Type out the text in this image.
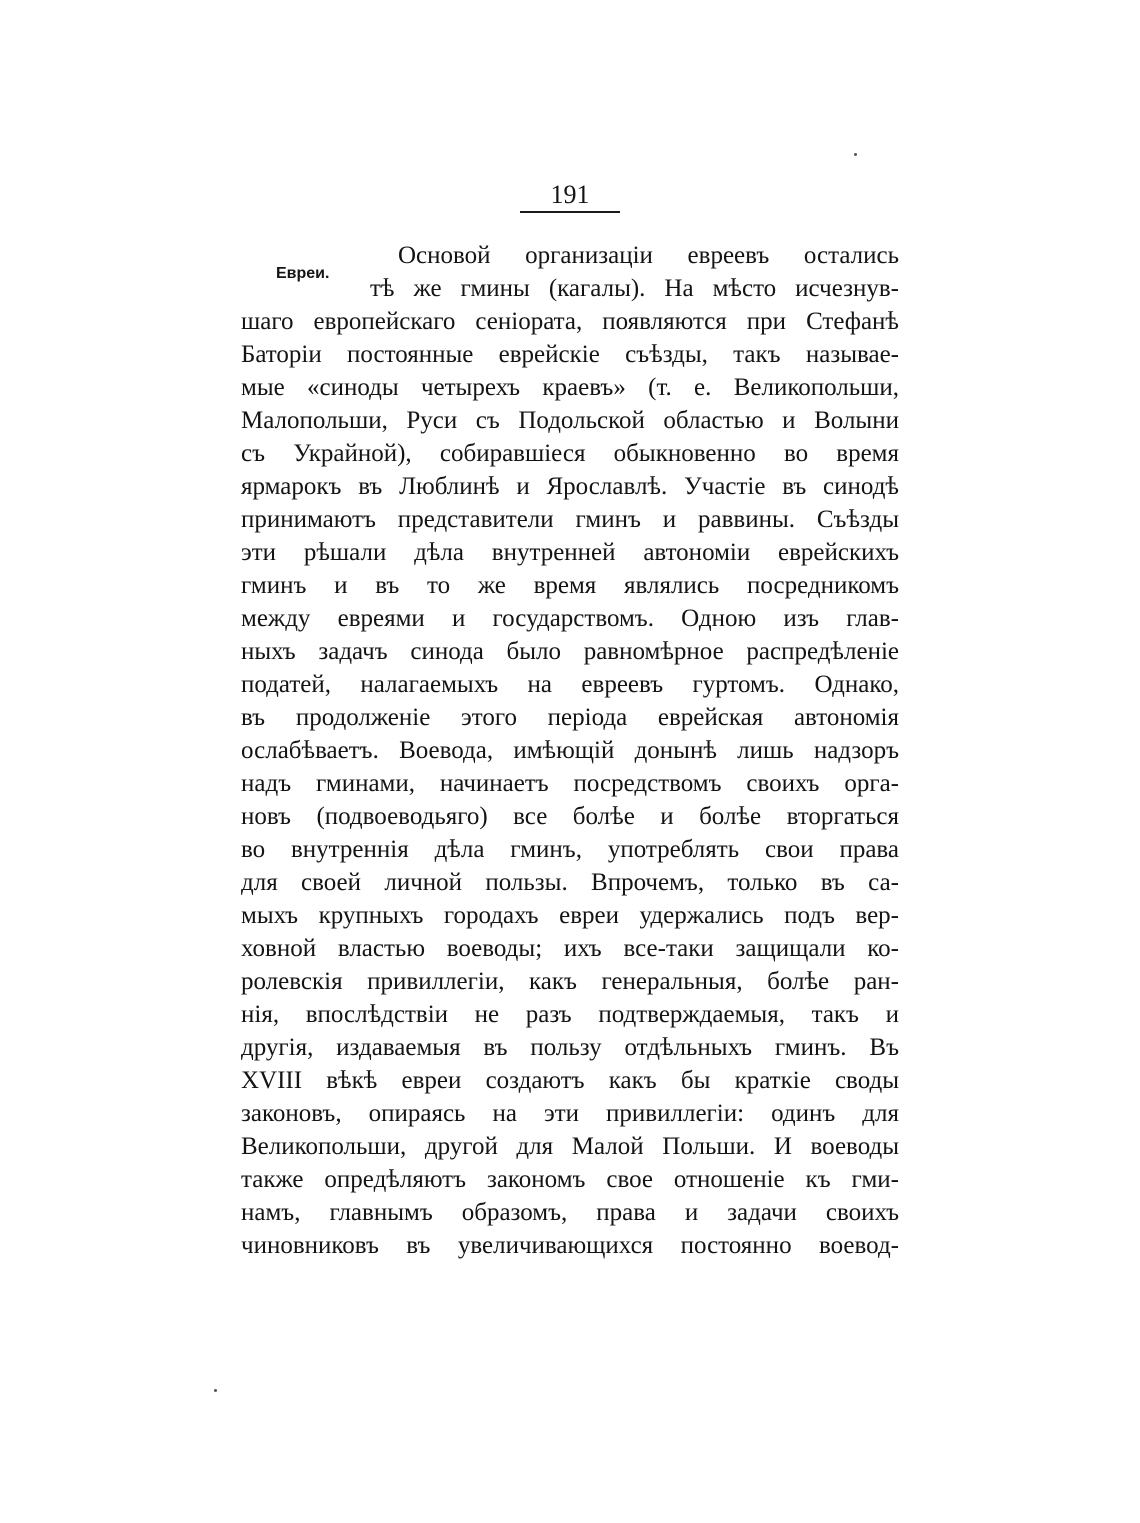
191
Евреи.
Основой организаціи евреевъ остались
тѣ же гмины (кагалы). На мѣсто исчезнув-
шаго европейскаго сеніората, появляются при Стефанѣ
Баторіи постоянные еврейскіе съѣзды, такъ называе-
мые «синоды четырехъ краевъ» (т. е. Великопольши,
Малопольши, Руси съ Подольской областью и Волыни
съ Украйной), собиравшіеся обыкновенно во время
ярмарокъ въ Люблинѣ и Ярославлѣ. Участіе въ синодѣ
принимаютъ представители гминъ и раввины. Съѣзды
эти рѣшали дѣла внутренней автономіи еврейскихъ
гминъ и въ то же время являлись посредникомъ
между евреями и государствомъ. Одною изъ глав-
ныхъ задачъ синода было равномѣрное распредѣленіе
податей, налагаемыхъ на евреевъ гуртомъ. Однако,
въ продолженіе этого періода еврейская автономія
ослабѣваетъ. Воевода, имѣющій донынѣ лишь надзоръ
надъ гминами, начинаетъ посредствомъ своихъ орга-
новъ (подвоеводьяго) все болѣе и болѣе вторгаться
во внутреннія дѣла гминъ, употреблять свои права
для своей личной пользы. Впрочемъ, только въ са-
мыхъ крупныхъ городахъ евреи удержались подъ вер-
ховной властью воеводы; ихъ все-таки защищали ко-
ролевскія привиллегіи, какъ генеральныя, болѣе ран-
нія, впослѣдствіи не разъ подтверждаемыя, такъ и
другія, издаваемыя въ пользу отдѣльныхъ гминъ. Въ
XVIII вѣкѣ евреи создаютъ какъ бы краткіе своды
законовъ, опираясь на эти привиллегіи: одинъ для
Великопольши, другой для Малой Польши. И воеводы
также опредѣляютъ закономъ свое отношеніе къ гми-
намъ, главнымъ образомъ, права и задачи своихъ
чиновниковъ въ увеличивающихся постоянно воевод-
